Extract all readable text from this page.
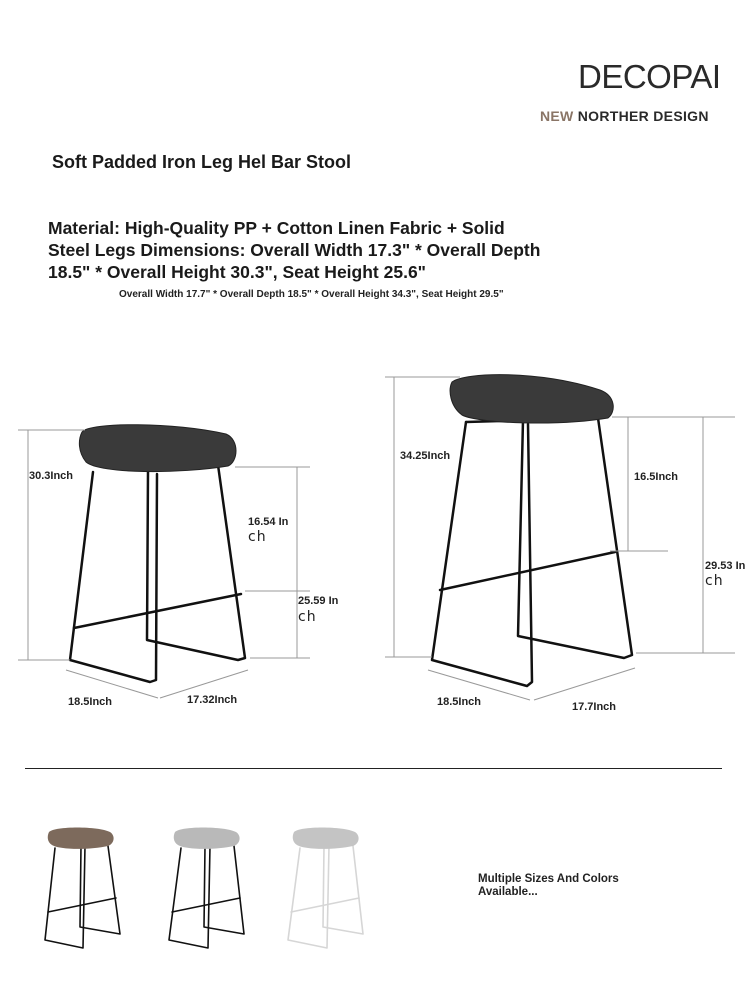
DECOPAI
NEW NORTHER DESIGN
Soft Padded Iron Leg Hel Bar Stool
Material: High-Quality PP + Cotton Linen Fabric + Solid Steel Legs Dimensions: Overall Width 17.3" * Overall Depth 18.5" * Overall Height 30.3", Seat Height 25.6"
Overall Width 17.7" * Overall Depth 18.5" * Overall Height 34.3", Seat Height 29.5"
30.3Inch
16.54 In
ch
25.59 In
ch
18.5Inch	17.32Inch
34.25Inch
16.5Inch
29.53 In
ch
18.5Inch	17.7Inch
Multiple Sizes And Colors Available...
